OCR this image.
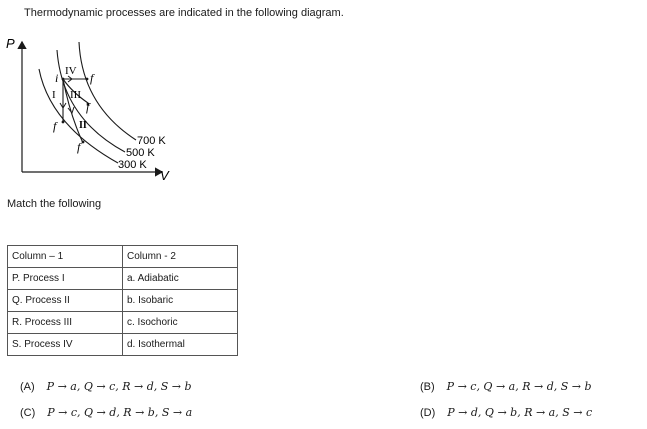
Thermodynamic processes are indicated in the following diagram.
P
V
700 K
500 K
300 K
i	f
f
f
f
I
II
III
IV
Match the following
Column – 1	Column - 2
P. Process I	a. Adiabatic
Q. Process II	b. Isobaric
R. Process III	c. Isochoric
S. Process IV	d. Isothermal
(A) P → a, Q → c, R → d, S → b	(B) P → c, Q → a, R → d, S → b
(C) P → c, Q → d, R → b, S → a	(D) P → d, Q → b, R → a, S → c
